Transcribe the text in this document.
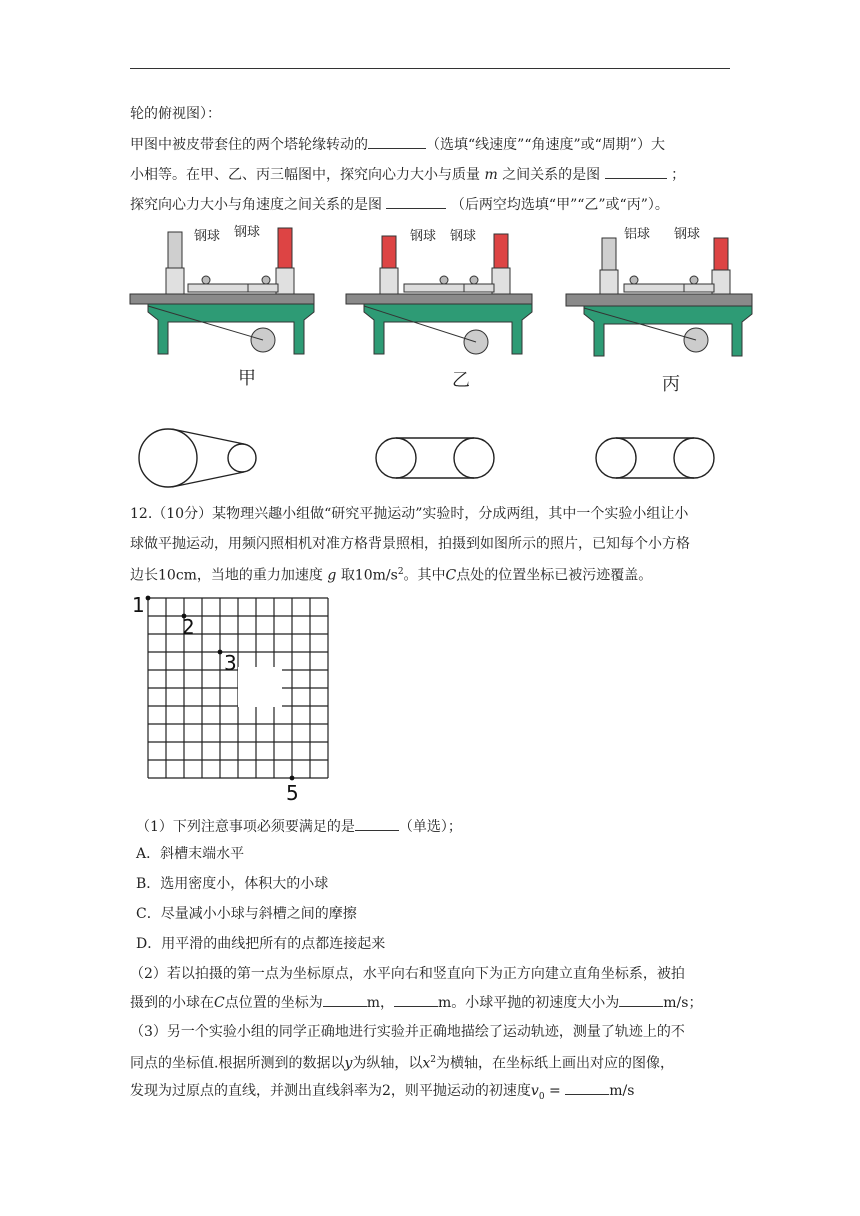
轮的俯视图）：
甲图中被皮带套住的两个塔轮缘转动的	（选填“线速度”“角速度”或“周期”）大
小相等。在甲、乙、丙三幅图中，探究向心力大小与质量 m 之间关系的是图	；
探究向心力大小与角速度之间关系的是图	（后两空均选填“甲”“乙”或“丙”）。
钢球 钢球
甲
钢球 钢球
乙
铝球 钢球
丙
12.（10分）某物理兴趣小组做“研究平抛运动”实验时，分成两组，其中一个实验小组让小
球做平抛运动，用频闪照相机对准方格背景照相，拍摄到如图所示的照片，已知每个小方格
边长10cm，当地的重力加速度 g 取$10m/s^2$。其中C点处的位置坐标已被污迹覆盖。
1
2
3
5
（1）下列注意事项必须要满足的是	（单选）；
A．斜槽末端水平
B．选用密度小，体积大的小球
C．尽量减小小球与斜槽之间的摩擦
D．用平滑的曲线把所有的点都连接起来
（2）若以拍摄的第一点为坐标原点，水平向右和竖直向下为正方向建立直角坐标系，被拍
摄到的小球在C点位置的坐标为	m，	m。小球平抛的初速度大小为	m/s；
（3）另一个实验小组的同学正确地进行实验并正确地描绘了运动轨迹，测量了轨迹上的不
同点的坐标值.根据所测到的数据以y为纵轴，以$x^2$为横轴，在坐标纸上画出对应的图像，
发现为过原点的直线，并测出直线斜率为2，则平抛运动的初速度$v_0$ =	m/s
